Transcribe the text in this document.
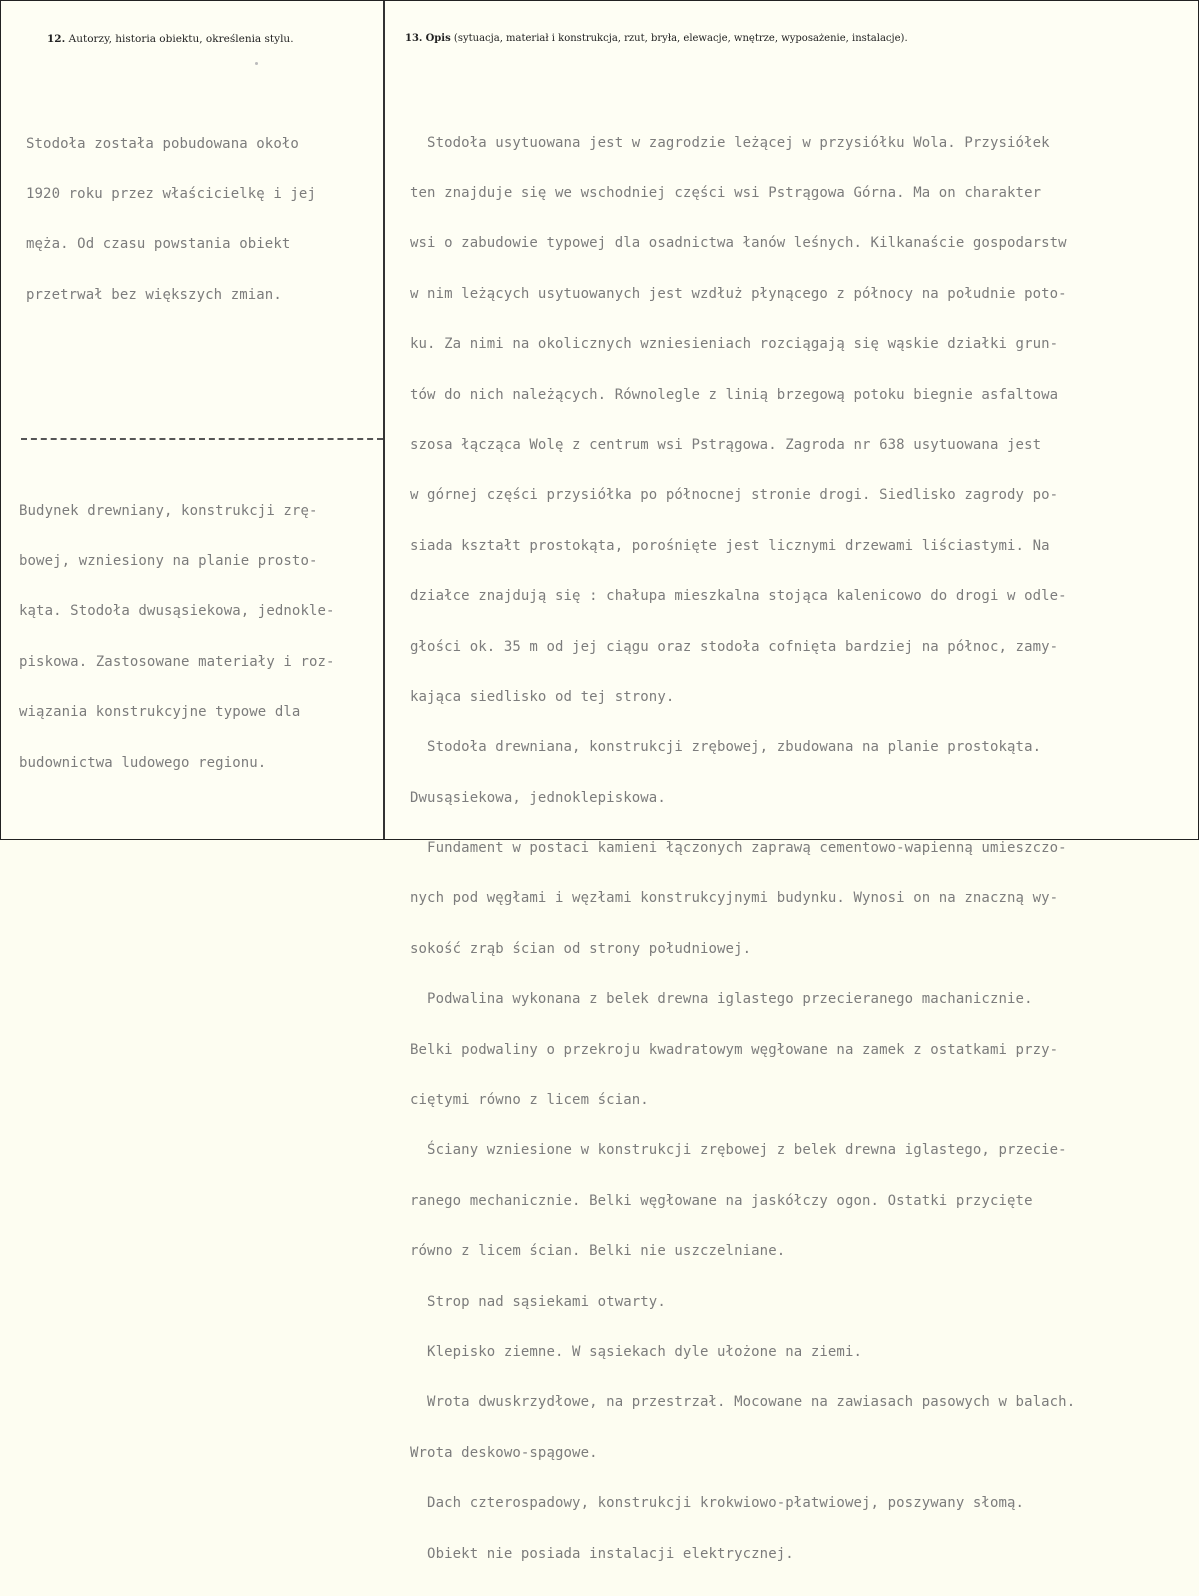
12. Autorzy, historia obiektu, określenia stylu.	13. Opis (sytuacja, materiał i konstrukcja, rzut, bryła, elewacje, wnętrze, wyposażenie, instalacje).

Stodoła została pobudowana około

1920 roku przez właścicielkę i jej

męża. Od czasu powstania obiekt

przetrwał bez większych zmian.

Budynek drewniany, konstrukcji zrę-

bowej, wzniesiony na planie prosto-

kąta. Stodoła dwusąsiekowa, jednokle-

piskowa. Zastosowane materiały i roz-

wiązania konstrukcyjne typowe dla

budownictwa ludowego regionu.

Stodoła usytuowana jest w zagrodzie leżącej w przysiółku Wola. Przysiółek

ten znajduje się we wschodniej części wsi Pstrągowa Górna. Ma on charakter

wsi o zabudowie typowej dla osadnictwa łanów leśnych. Kilkanaście gospodarstw

w nim leżących usytuowanych jest wzdłuż płynącego z północy na południe poto-

ku. Za nimi na okolicznych wzniesieniach rozciągają się wąskie działki grun-

tów do nich należących. Równolegle z linią brzegową potoku biegnie asfaltowa

szosa łącząca Wolę z centrum wsi Pstrągowa. Zagroda nr 638 usytuowana jest

w górnej części przysiółka po północnej stronie drogi. Siedlisko zagrody po-

siada kształt prostokąta, porośnięte jest licznymi drzewami liściastymi. Na

działce znajdują się : chałupa mieszkalna stojąca kalenicowo do drogi w odle-

głości ok. 35 m od jej ciągu oraz stodoła cofnięta bardziej na północ, zamy-

kająca siedlisko od tej strony.

Stodoła drewniana, konstrukcji zrębowej, zbudowana na planie prostokąta.

Dwusąsiekowa, jednoklepiskowa.

Fundament w postaci kamieni łączonych zaprawą cementowo-wapienną umieszczo-

nych pod węgłami i węzłami konstrukcyjnymi budynku. Wynosi on na znaczną wy-

sokość zrąb ścian od strony południowej.

Podwalina wykonana z belek drewna iglastego przecieranego machanicznie.

Belki podwaliny o przekroju kwadratowym węgłowane na zamek z ostatkami przy-

ciętymi równo z licem ścian.

Ściany wzniesione w konstrukcji zrębowej z belek drewna iglastego, przecie-

ranego mechanicznie. Belki węgłowane na jaskółczy ogon. Ostatki przycięte

równo z licem ścian. Belki nie uszczelniane.

Strop nad sąsiekami otwarty.

Klepisko ziemne. W sąsiekach dyle ułożone na ziemi.

Wrota dwuskrzydłowe, na przestrzał. Mocowane na zawiasach pasowych w balach.

Wrota deskowo-spągowe.

Dach czterospadowy, konstrukcji krokwiowo-płatwiowej, poszywany słomą.

Obiekt nie posiada instalacji elektrycznej.
